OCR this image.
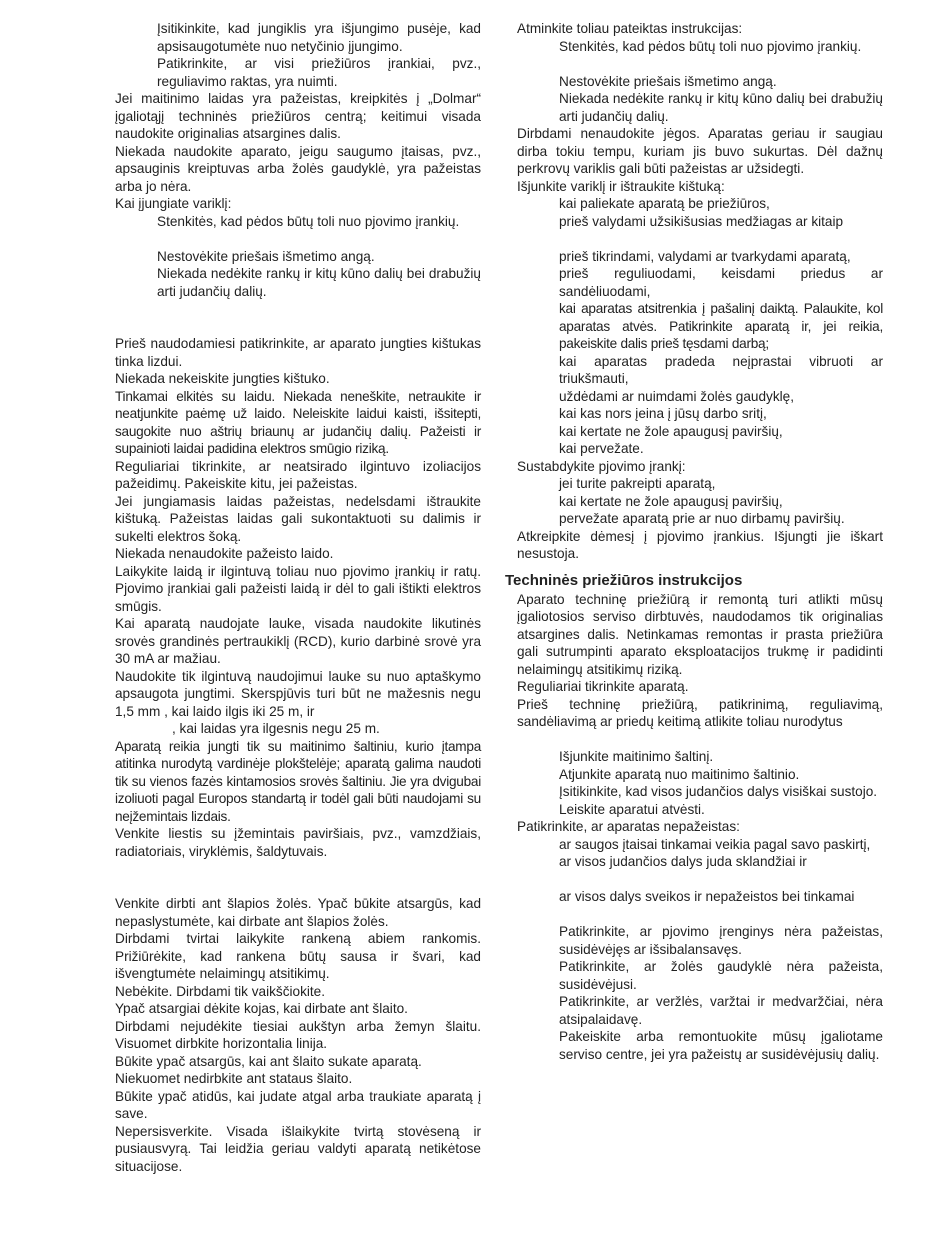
Įsitikinkite, kad jungiklis yra išjungimo pusėje, kad apsisaugotumėte nuo netyčinio įjungimo.

Patikrinkite, ar visi priežiūros įrankiai, pvz., reguliavimo raktas, yra nuimti.

Jei maitinimo laidas yra pažeistas, kreipkitės į „Dolmar“ įgaliotąjį techninės priežiūros centrą; keitimui visada naudokite originalias atsargines dalis.

Niekada naudokite aparato, jeigu saugumo įtaisas, pvz., apsauginis kreiptuvas arba žolės gaudyklė, yra pažeistas arba jo nėra.

Kai įjungiate variklį:

Stenkitės, kad pėdos būtų toli nuo pjovimo įrankių.

Nestovėkite priešais išmetimo angą.

Niekada nedėkite rankų ir kitų kūno dalių bei drabužių arti judančių dalių.

Prieš naudodamiesi patikrinkite, ar aparato jungties kištukas tinka lizdui.

Niekada nekeiskite jungties kištuko.

Tinkamai elkitės su laidu. Niekada neneškite, netraukite ir neatjunkite paėmę už laido. Neleiskite laidui kaisti, išsitepti, saugokite nuo aštrių briaunų ar judančių dalių. Pažeisti ir supainioti laidai padidina elektros smūgio riziką.

Reguliariai tikrinkite, ar neatsirado ilgintuvo izoliacijos pažeidimų. Pakeiskite kitu, jei pažeistas.

Jei jungiamasis laidas pažeistas, nedelsdami ištraukite kištuką. Pažeistas laidas gali sukontaktuoti su dalimis ir sukelti elektros šoką.

Niekada nenaudokite pažeisto laido.

Laikykite laidą ir ilgintuvą toliau nuo pjovimo įrankių ir ratų. Pjovimo įrankiai gali pažeisti laidą ir dėl to gali ištikti elektros smūgis.

Kai aparatą naudojate lauke, visada naudokite likutinės srovės grandinės pertraukiklį (RCD), kurio darbinė srovė yra 30 mA ar mažiau.

Naudokite tik ilgintuvą naudojimui lauke su nuo aptaškymo apsaugota jungtimi. Skerspjūvis turi būt ne mažesnis negu 1,5 mm , kai laido ilgis iki 25 m, ir

, kai laidas yra ilgesnis negu 25 m.

Aparatą reikia jungti tik su maitinimo šaltiniu, kurio įtampa atitinka nurodytą vardinėje plokštelėje; aparatą galima naudoti tik su vienos fazės kintamosios srovės šaltiniu. Jie yra dvigubai izoliuoti pagal Europos standartą ir todėl gali būti naudojami su neįžemintais lizdais.

Venkite liestis su įžemintais paviršiais, pvz., vamzdžiais, radiatoriais, viryklėmis, šaldytuvais.

Venkite dirbti ant šlapios žolės. Ypač būkite atsargūs, kad nepaslystumėte, kai dirbate ant šlapios žolės.

Dirbdami tvirtai laikykite rankeną abiem rankomis. Prižiūrėkite, kad rankena būtų sausa ir švari, kad išvengtumėte nelaimingų atsitikimų.

Nebėkite. Dirbdami tik vaikščiokite.

Ypač atsargiai dėkite kojas, kai dirbate ant šlaito.

Dirbdami nejudėkite tiesiai aukštyn arba žemyn šlaitu. Visuomet dirbkite horizontalia linija.

Būkite ypač atsargūs, kai ant šlaito sukate aparatą.

Niekuomet nedirbkite ant stataus šlaito.

Būkite ypač atidūs, kai judate atgal arba traukiate aparatą į save.

Nepersisverkite. Visada išlaikykite tvirtą stovėseną ir pusiausvyrą. Tai leidžia geriau valdyti aparatą netikėtose situacijose.

Atminkite toliau pateiktas instrukcijas:

Stenkitės, kad pėdos būtų toli nuo pjovimo įrankių.

Nestovėkite priešais išmetimo angą.

Niekada nedėkite rankų ir kitų kūno dalių bei drabužių arti judančių dalių.

Dirbdami nenaudokite jėgos. Aparatas geriau ir saugiau dirba tokiu tempu, kuriam jis buvo sukurtas. Dėl dažnų perkrovų variklis gali būti pažeistas ar užsidegti.

Išjunkite variklį ir ištraukite kištuką:

kai paliekate aparatą be priežiūros,

prieš valydami užsikišusias medžiagas ar kitaip

prieš tikrindami, valydami ar tvarkydami aparatą,

prieš reguliuodami, keisdami priedus ar sandėliuodami,

kai aparatas atsitrenkia į pašalinį daiktą. Palaukite, kol aparatas atvės. Patikrinkite aparatą ir, jei reikia, pakeiskite dalis prieš tęsdami darbą;

kai aparatas pradeda neįprastai vibruoti ar triukšmauti,

uždėdami ar nuimdami žolės gaudyklę,

kai kas nors įeina į jūsų darbo sritį,

kai kertate ne žole apaugusį paviršių,

kai pervežate.

Sustabdykite pjovimo įrankį:

jei turite pakreipti aparatą,

kai kertate ne žole apaugusį paviršių,

pervežate aparatą prie ar nuo dirbamų paviršių.

Atkreipkite dėmesį į pjovimo įrankius. Išjungti jie iškart nesustoja.

Techninės priežiūros instrukcijos

Aparato techninę priežiūrą ir remontą turi atlikti mūsų įgaliotosios serviso dirbtuvės, naudodamos tik originalias atsargines dalis. Netinkamas remontas ir prasta priežiūra gali sutrumpinti aparato eksploatacijos trukmę ir padidinti nelaimingų atsitikimų riziką.

Reguliariai tikrinkite aparatą.

Prieš techninę priežiūrą, patikrinimą, reguliavimą, sandėliavimą ar priedų keitimą atlikite toliau nurodytus

Išjunkite maitinimo šaltinį.

Atjunkite aparatą nuo maitinimo šaltinio.

Įsitikinkite, kad visos judančios dalys visiškai sustojo.

Leiskite aparatui atvėsti.

Patikrinkite, ar aparatas nepažeistas:

ar saugos įtaisai tinkamai veikia pagal savo paskirtį,

ar visos judančios dalys juda sklandžiai ir

ar visos dalys sveikos ir nepažeistos bei tinkamai

Patikrinkite, ar pjovimo įrenginys nėra pažeistas, susidėvėjęs ar išsibalansavęs.

Patikrinkite, ar žolės gaudyklė nėra pažeista, susidėvėjusi.

Patikrinkite, ar veržlės, varžtai ir medvaržčiai, nėra atsipalaidavę.

Pakeiskite arba remontuokite mūsų įgaliotame serviso centre, jei yra pažeistų ar susidėvėjusių dalių.
